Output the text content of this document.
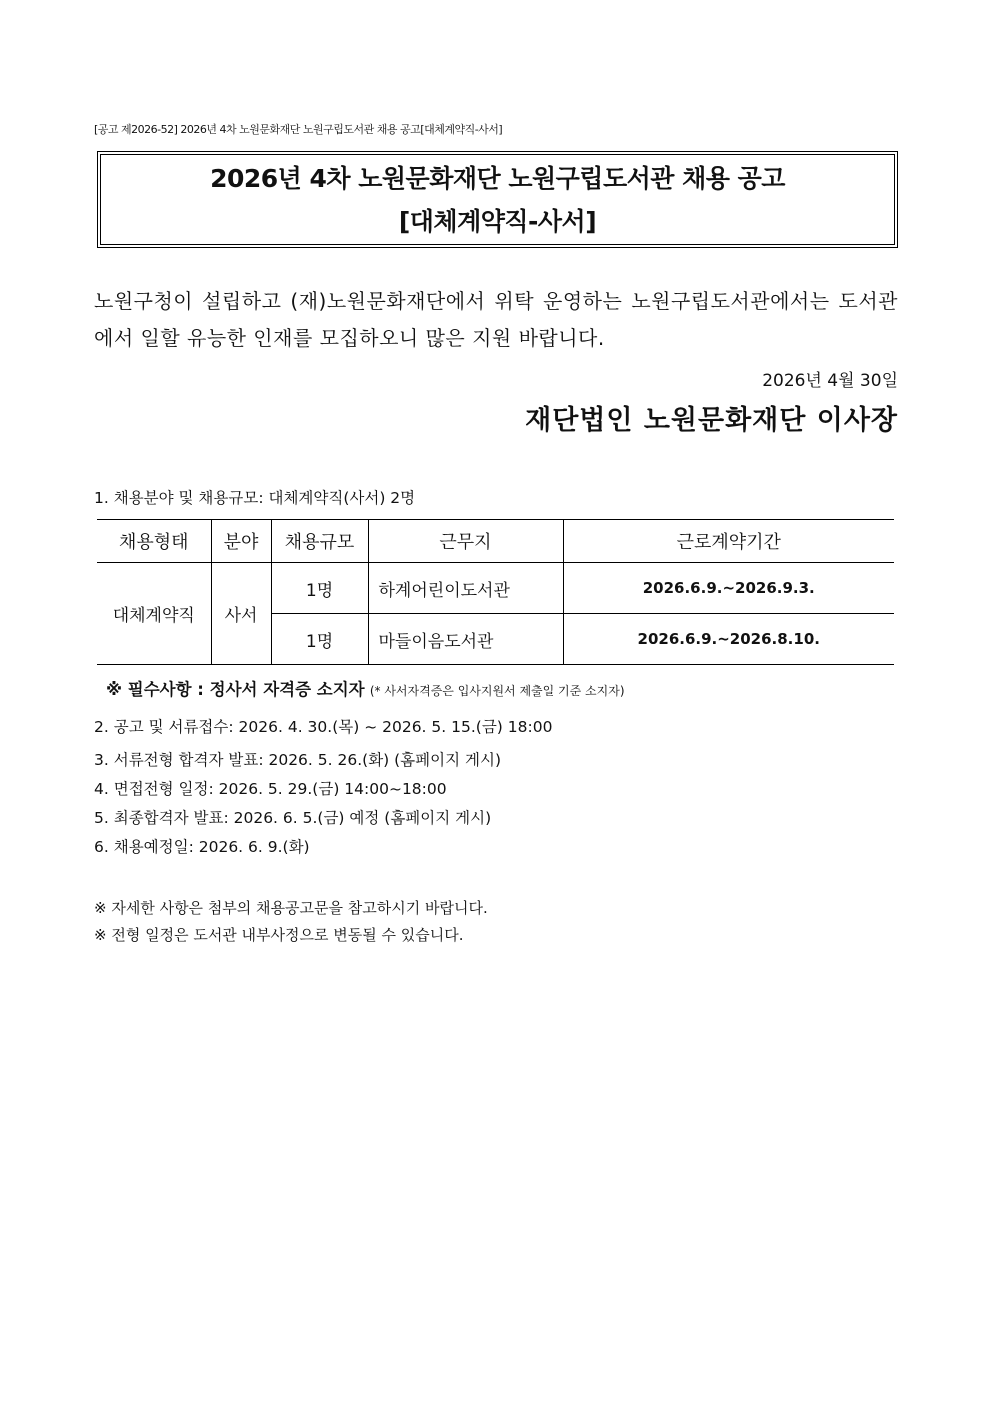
[공고 제2026-52] 2026년 4차 노원문화재단 노원구립도서관 채용 공고[대체계약직-사서]
2026년 4차 노원문화재단 노원구립도서관 채용 공고
[대체계약직-사서]
노원구청이 설립하고 (재)노원문화재단에서 위탁 운영하는 노원구립도서관에서는 도서관에서 일할 유능한 인재를 모집하오니 많은 지원 바랍니다.
2026년 4월 30일
재단법인 노원문화재단 이사장
1. 채용분야 및 채용규모: 대체계약직(사서) 2명
채용형태	분야	채용규모	근무지	근로계약기간
대체계약직	사서	1명	하계어린이도서관	2026.6.9.~2026.9.3.
		1명	마들이음도서관	2026.6.9.~2026.8.10.
※ 필수사항 : 정사서 자격증 소지자 (* 사서자격증은 입사지원서 제출일 기준 소지자)
2. 공고 및 서류접수: 2026. 4. 30.(목) ~ 2026. 5. 15.(금) 18:00
3. 서류전형 합격자 발표: 2026. 5. 26.(화) (홈페이지 게시)
4. 면접전형 일정: 2026. 5. 29.(금) 14:00~18:00
5. 최종합격자 발표: 2026. 6. 5.(금) 예정 (홈페이지 게시)
6. 채용예정일: 2026. 6. 9.(화)
※ 자세한 사항은 첨부의 채용공고문을 참고하시기 바랍니다.
※ 전형 일정은 도서관 내부사정으로 변동될 수 있습니다.
